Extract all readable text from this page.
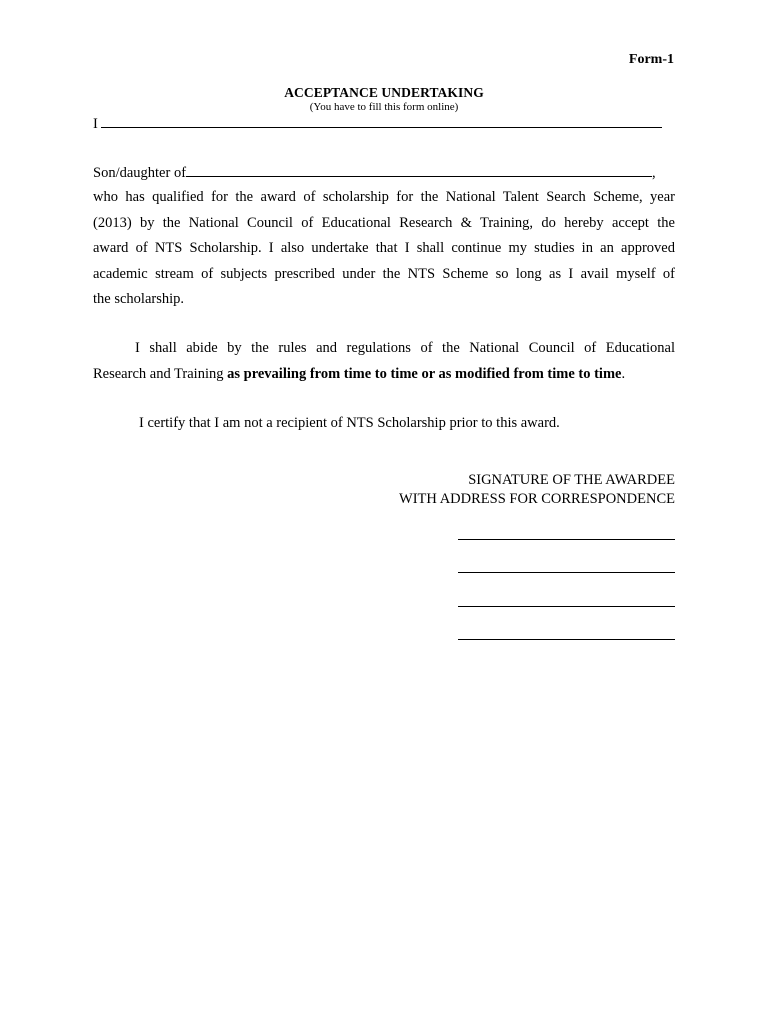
Form-1
ACCEPTANCE UNDERTAKING
(You have to fill this form online)
I
Son/daughter of	,
who has qualified for the award of scholarship for the National Talent Search Scheme, year
(2013) by the National Council of Educational Research & Training, do hereby accept the
award of NTS Scholarship. I also undertake that I shall continue my studies in an approved
academic stream of subjects prescribed under the NTS Scheme so long as I avail myself of
the scholarship.
I shall abide by the rules and regulations of the National Council of Educational
Research and Training as prevailing from time to time or as modified from time to time.
I certify that I am not a recipient of NTS Scholarship prior to this award.
SIGNATURE OF THE AWARDEE
WITH ADDRESS FOR CORRESPONDENCE
